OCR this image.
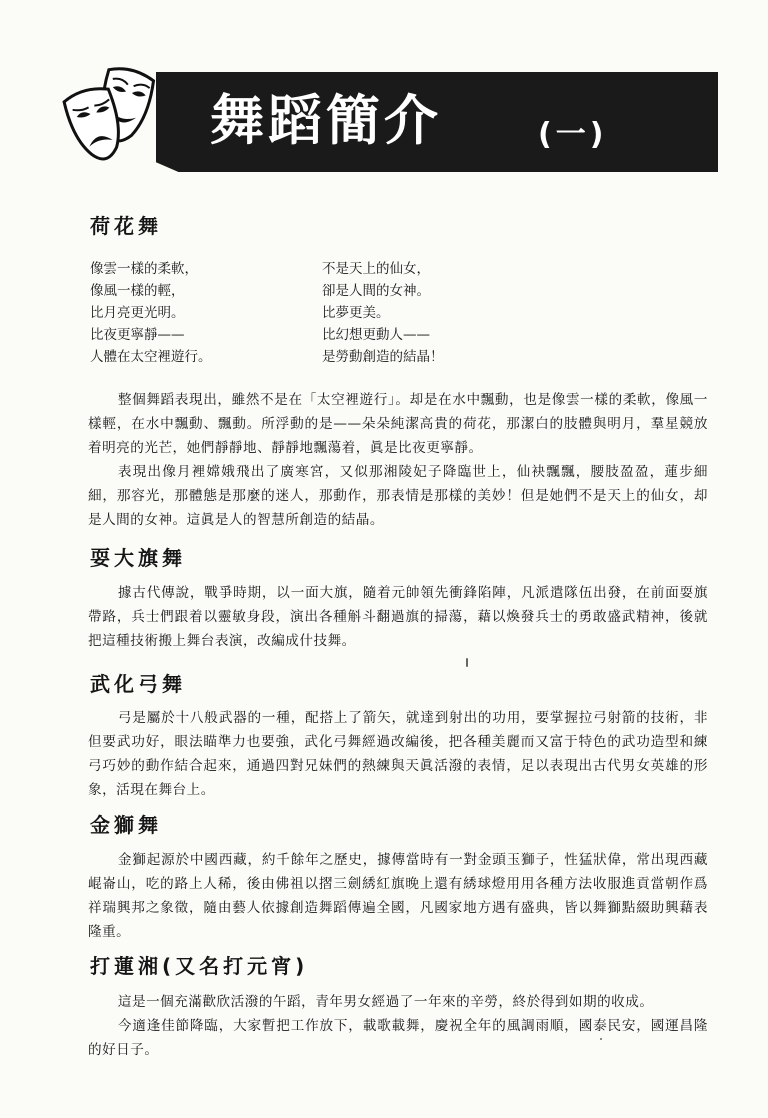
舞蹈簡介	(一)
荷花舞
像雲一樣的柔軟，
像風一樣的輕，
比月亮更光明。
比夜更寧靜——
人體在太空裡遊行。
不是天上的仙女，
卻是人間的女神。
比夢更美。
比幻想更動人——
是勞動創造的結晶！

整個舞蹈表現出，雖然不是在「太空裡遊行」。却是在水中飄動，也是像雲一樣的柔軟，像風一樣輕，在水中飄動、飄動。所浮動的是——朵朵純潔高貴的荷花，那潔白的肢體與明月，羣星競放着明亮的光芒，她們靜靜地、靜靜地飄蕩着，眞是比夜更寧靜。

表現出像月裡嫦娥飛出了廣寒宮，又似那湘陵妃子降臨世上，仙袂飄飄，腰肢盈盈，蓮步細細，那容光，那體態是那麼的迷人，那動作，那表情是那樣的美妙！但是她們不是天上的仙女，却是人間的女神。這眞是人的智慧所創造的結晶。

耍大旗舞

據古代傳說，戰爭時期，以一面大旗，隨着元帥領先衝鋒陷陣，凡派遣隊伍出發，在前面耍旗帶路，兵士們跟着以靈敏身段，演出各種斛斗翻過旗的掃蕩，藉以煥發兵士的勇敢盛武精神，後就把這種技術搬上舞台表演，改編成什技舞。

武化弓舞

弓是屬於十八般武器的一種，配搭上了箭矢，就達到射出的功用，要掌握拉弓射箭的技術，非但要武功好，眼法瞄準力也要強，武化弓舞經過改編後，把各種美麗而又富于特色的武功造型和練弓巧妙的動作結合起來，通過四對兄妹們的熱練與天眞活潑的表情，足以表現出古代男女英雄的形象，活現在舞台上。

金獅舞

金獅起源於中國西藏，約千餘年之歷史，據傳當時有一對金頭玉獅子，性猛狀偉，常出現西藏崐崙山，吃的路上人稀，後由佛祖以摺三劍綉紅旗晚上還有綉球燈用用各種方法收服進貢當朝作爲祥瑞興邦之象徵，隨由藝人依據創造舞蹈傳遍全國，凡國家地方遇有盛典，皆以舞獅點綴助興藉表隆重。

打蓮湘(又名打元宵)

這是一個充滿歡欣活潑的午蹈，青年男女經過了一年來的辛勞，終於得到如期的收成。

今適逢佳節降臨，大家暫把工作放下，載歌載舞，慶祝全年的風調雨順，國泰民安，國運昌隆的好日子。
